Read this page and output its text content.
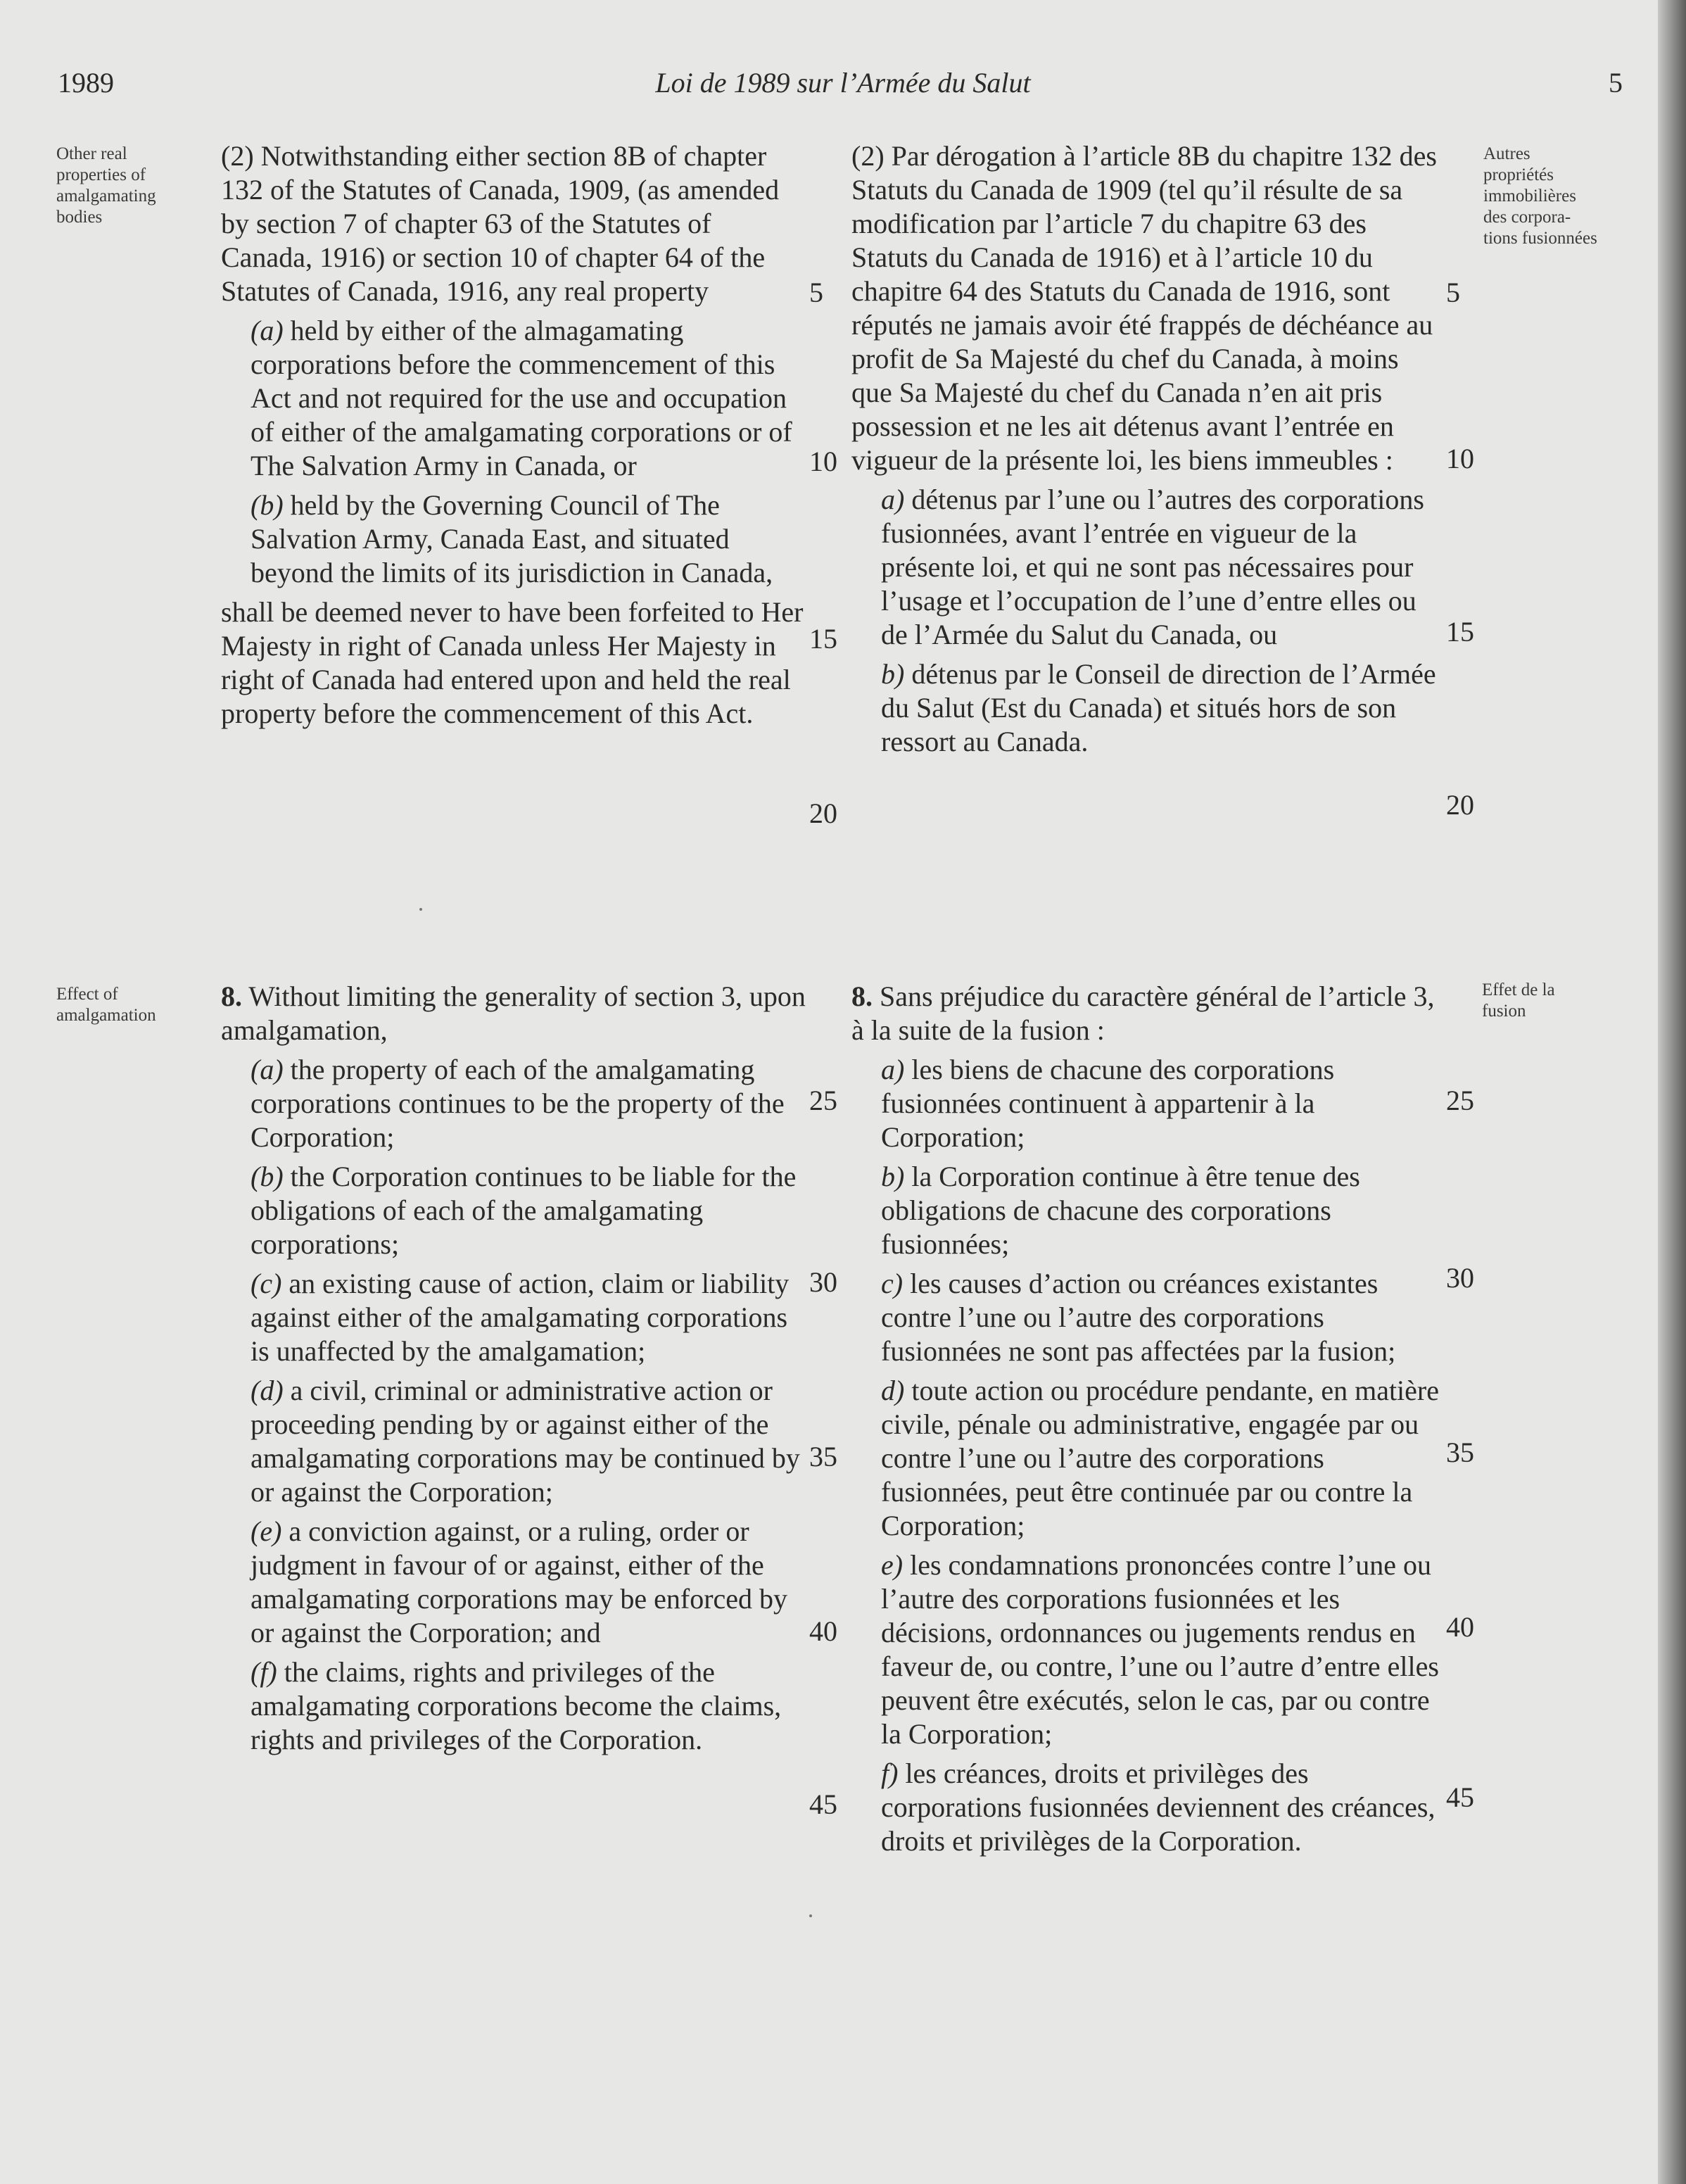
1989	Loi de 1989 sur l’Armée du Salut	5
Other real
properties of
amalgamating
bodies
Autres
propriétés
immobilières
des corpora-
tions fusionnées
Effect of
amalgamation
Effet de la
fusion

(2) Notwithstanding either section 8B of chapter 132 of the Statutes of Canada, 1909, (as amended by section 7 of chapter 63 of the Statutes of Canada, 1916) or section 10 of chapter 64 of the Statutes of Canada, 1916, any real property

(a) held by either of the almagamating corporations before the commencement of this Act and not required for the use and occupation of either of the amalgamating corporations or of The Salvation Army in Canada, or

(b) held by the Governing Council of The Salvation Army, Canada East, and situated beyond the limits of its jurisdiction in Canada,

shall be deemed never to have been forfeited to Her Majesty in right of Canada unless Her Majesty in right of Canada had entered upon and held the real property before the commencement of this Act.

(2) Par dérogation à l’article 8B du chapitre 132 des Statuts du Canada de 1909 (tel qu’il résulte de sa modification par l’article 7 du chapitre 63 des Statuts du Canada de 1916) et à l’article 10 du chapitre 64 des Statuts du Canada de 1916, sont réputés ne jamais avoir été frappés de déchéance au profit de Sa Majesté du chef du Canada, à moins que Sa Majesté du chef du Canada n’en ait pris possession et ne les ait détenus avant l’entrée en vigueur de la présente loi, les biens immeubles :

a) détenus par l’une ou l’autres des corporations fusionnées, avant l’entrée en vigueur de la présente loi, et qui ne sont pas nécessaires pour l’usage et l’occupation de l’une d’entre elles ou de l’Armée du Salut du Canada, ou

b) détenus par le Conseil de direction de l’Armée du Salut (Est du Canada) et situés hors de son ressort au Canada.

8. Without limiting the generality of section 3, upon amalgamation,

(a) the property of each of the amalgamating corporations continues to be the property of the Corporation;

(b) the Corporation continues to be liable for the obligations of each of the amalgamating corporations;

(c) an existing cause of action, claim or liability against either of the amalgamating corporations is unaffected by the amalgamation;

(d) a civil, criminal or administrative action or proceeding pending by or against either of the amalgamating corporations may be continued by or against the Corporation;

(e) a conviction against, or a ruling, order or judgment in favour of or against, either of the amalgamating corporations may be enforced by or against the Corporation; and

(f) the claims, rights and privileges of the amalgamating corporations become the claims, rights and privileges of the Corporation.

8. Sans préjudice du caractère général de l’article 3, à la suite de la fusion :

a) les biens de chacune des corporations fusionnées continuent à appartenir à la Corporation;

b) la Corporation continue à être tenue des obligations de chacune des corporations fusionnées;

c) les causes d’action ou créances existantes contre l’une ou l’autre des corporations fusionnées ne sont pas affectées par la fusion;

d) toute action ou procédure pendante, en matière civile, pénale ou administrative, engagée par ou contre l’une ou l’autre des corporations fusionnées, peut être continuée par ou contre la Corporation;

e) les condamnations prononcées contre l’une ou l’autre des corporations fusionnées et les décisions, ordonnances ou jugements rendus en faveur de, ou contre, l’une ou l’autre d’entre elles peuvent être exécutés, selon le cas, par ou contre la Corporation;

f) les créances, droits et privilèges des corporations fusionnées deviennent des créances, droits et privilèges de la Corporation.

5
10
15
20
25
30
35
40
45
5
10
15
20
25
30
35
40
45
